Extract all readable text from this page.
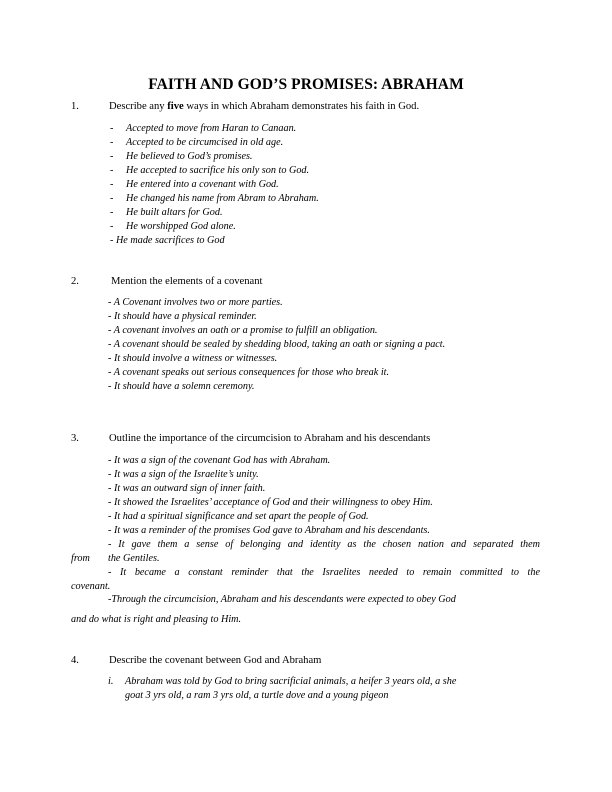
FAITH AND GOD’S PROMISES: ABRAHAM
1.	Describe any five ways in which Abraham demonstrates his faith in God.
- Accepted to move from Haran to Canaan.
- Accepted to be circumcised in old age.
- He believed to God’s promises.
- He accepted to sacrifice his only son to God.
- He entered into a covenant with God.
- He changed his name from Abram to Abraham.
- He built altars for God.
- He worshipped God alone.
- He made sacrifices to God
2.	Mention the elements of a covenant
- A Covenant involves two or more parties.
- It should have a physical reminder.
- A covenant involves an oath or a promise to fulfill an obligation.
- A covenant should be sealed by shedding blood, taking an oath or signing a pact.
- It should involve a witness or witnesses.
- A covenant speaks out serious consequences for those who break it.
- It should have a solemn ceremony.
3.	Outline the importance of the circumcision to Abraham and his descendants
- It was a sign of the covenant God has with Abraham.
- It was a sign of the Israelite’s unity.
- It was an outward sign of inner faith.
- It showed the Israelites’ acceptance of God and their willingness to obey Him.
- It had a spiritual significance and set apart the people of God.
- It was a reminder of the promises God gave to Abraham and his descendants.
- It gave them a sense of belonging and identity as the chosen nation and separated them
from	the Gentiles.
- It became a constant reminder that the Israelites needed to remain committed to the
covenant.
-Through the circumcision, Abraham and his descendants were expected to obey God
and do what is right and pleasing to Him.
4.	Describe the covenant between God and Abraham
i. Abraham was told by God to bring sacrificial animals, a heifer 3 years old, a she
goat 3 yrs old, a ram 3 yrs old, a turtle dove and a young pigeon
